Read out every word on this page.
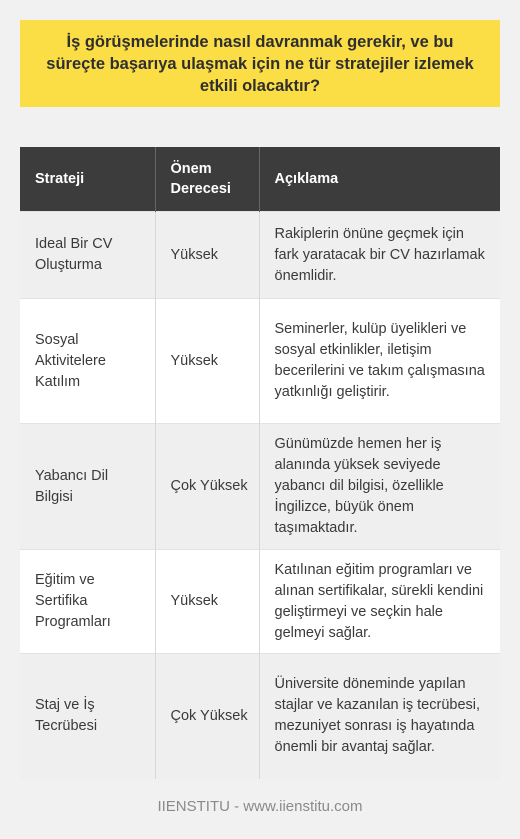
İş görüşmelerinde nasıl davranmak gerekir, ve bu süreçte başarıya ulaşmak için ne tür stratejiler izlemek etkili olacaktır?
Strateji	Önem Derecesi	Açıklama
Ideal Bir CV Oluşturma	Yüksek	Rakiplerin önüne geçmek için fark yaratacak bir CV hazırlamak önemlidir.
Sosyal Aktivitelere Katılım	Yüksek	Seminerler, kulüp üyelikleri ve sosyal etkinlikler, iletişim becerilerini ve takım çalışmasına yatkınlığı geliştirir.
Yabancı Dil Bilgisi	Çok Yüksek	Günümüzde hemen her iş alanında yüksek seviyede yabancı dil bilgisi, özellikle İngilizce, büyük önem taşımaktadır.
Eğitim ve Sertifika Programları	Yüksek	Katılınan eğitim programları ve alınan sertifikalar, sürekli kendini geliştirmeyi ve seçkin hale gelmeyi sağlar.
Staj ve İş Tecrübesi	Çok Yüksek	Üniversite döneminde yapılan stajlar ve kazanılan iş tecrübesi, mezuniyet sonrası iş hayatında önemli bir avantaj sağlar.
IIENSTITU - www.iienstitu.com
